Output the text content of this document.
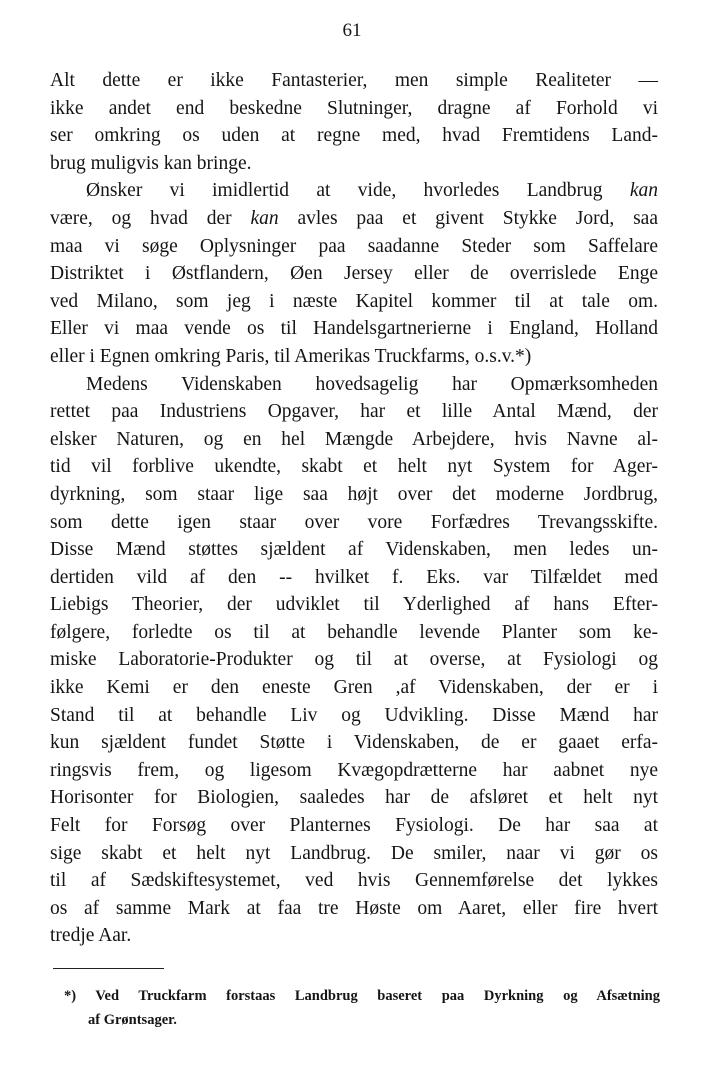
61
Alt dette er ikke Fantasterier, men simple Realiteter —
ikke andet end beskedne Slutninger, dragne af Forhold vi
ser omkring os uden at regne med, hvad Fremtidens Land-
brug muligvis kan bringe.
Ønsker vi imidlertid at vide, hvorledes Landbrug kan
være, og hvad der kan avles paa et givent Stykke Jord, saa
maa vi søge Oplysninger paa saadanne Steder som Saffelare
Distriktet i Østflandern, Øen Jersey eller de overrislede Enge
ved Milano, som jeg i næste Kapitel kommer til at tale om.
Eller vi maa vende os til Handelsgartnerierne i England, Holland
eller i Egnen omkring Paris, til Amerikas Truckfarms, o.s.v.*)
Medens Videnskaben hovedsagelig har Opmærksomheden
rettet paa Industriens Opgaver, har et lille Antal Mænd, der
elsker Naturen, og en hel Mængde Arbejdere, hvis Navne al-
tid vil forblive ukendte, skabt et helt nyt System for Ager-
dyrkning, som staar lige saa højt over det moderne Jordbrug,
som dette igen staar over vore Forfædres Trevangsskifte.
Disse Mænd støttes sjældent af Videnskaben, men ledes un-
dertiden vild af den -- hvilket f. Eks. var Tilfældet med
Liebigs Theorier, der udviklet til Yderlighed af hans Efter-
følgere, forledte os til at behandle levende Planter som ke-
miske Laboratorie-Produkter og til at overse, at Fysiologi og
ikke Kemi er den eneste Gren ,af Videnskaben, der er i
Stand til at behandle Liv og Udvikling. Disse Mænd har
kun sjældent fundet Støtte i Videnskaben, de er gaaet erfa-
ringsvis frem, og ligesom Kvægopdrætterne har aabnet nye
Horisonter for Biologien, saaledes har de afsløret et helt nyt
Felt for Forsøg over Planternes Fysiologi. De har saa at
sige skabt et helt nyt Landbrug. De smiler, naar vi gør os
til af Sædskiftesystemet, ved hvis Gennemførelse det lykkes
os af samme Mark at faa tre Høste om Aaret, eller fire hvert
tredje Aar.
*) Ved Truckfarm forstaas Landbrug baseret paa Dyrkning og Afsætning
af Grøntsager.
